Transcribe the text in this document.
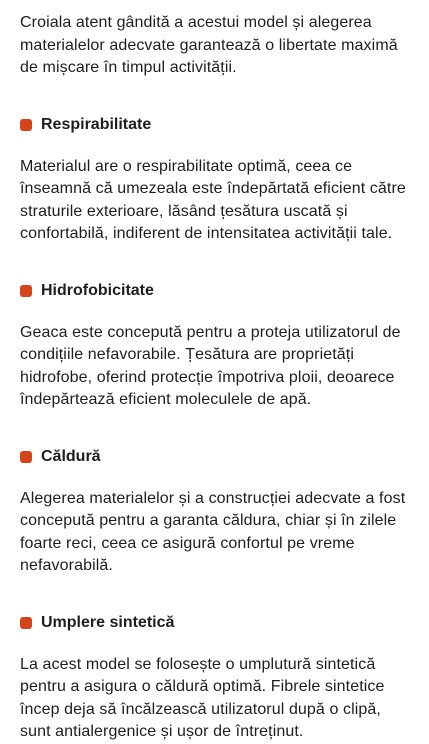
Croiala atent gândită a acestui model și alegerea materialelor adecvate garantează o libertate maximă de mișcare în timpul activității.

Respirabilitate

Materialul are o respirabilitate optimă, ceea ce înseamnă că umezeala este îndepărtată eficient către straturile exterioare, lăsând țesătura uscată și confortabilă, indiferent de intensitatea activității tale.

Hidrofobicitate

Geaca este concepută pentru a proteja utilizatorul de condițiile nefavorabile. Țesătura are proprietăți hidrofobe, oferind protecție împotriva ploii, deoarece îndepărtează eficient moleculele de apă.

Căldură

Alegerea materialelor și a construcției adecvate a fost concepută pentru a garanta căldura, chiar și în zilele foarte reci, ceea ce asigură confortul pe vreme nefavorabilă.

Umplere sintetică

La acest model se folosește o umplutură sintetică pentru a asigura o căldură optimă. Fibrele sintetice încep deja să încălzească utilizatorul după o clipă, sunt antialergenice și ușor de întreținut.
